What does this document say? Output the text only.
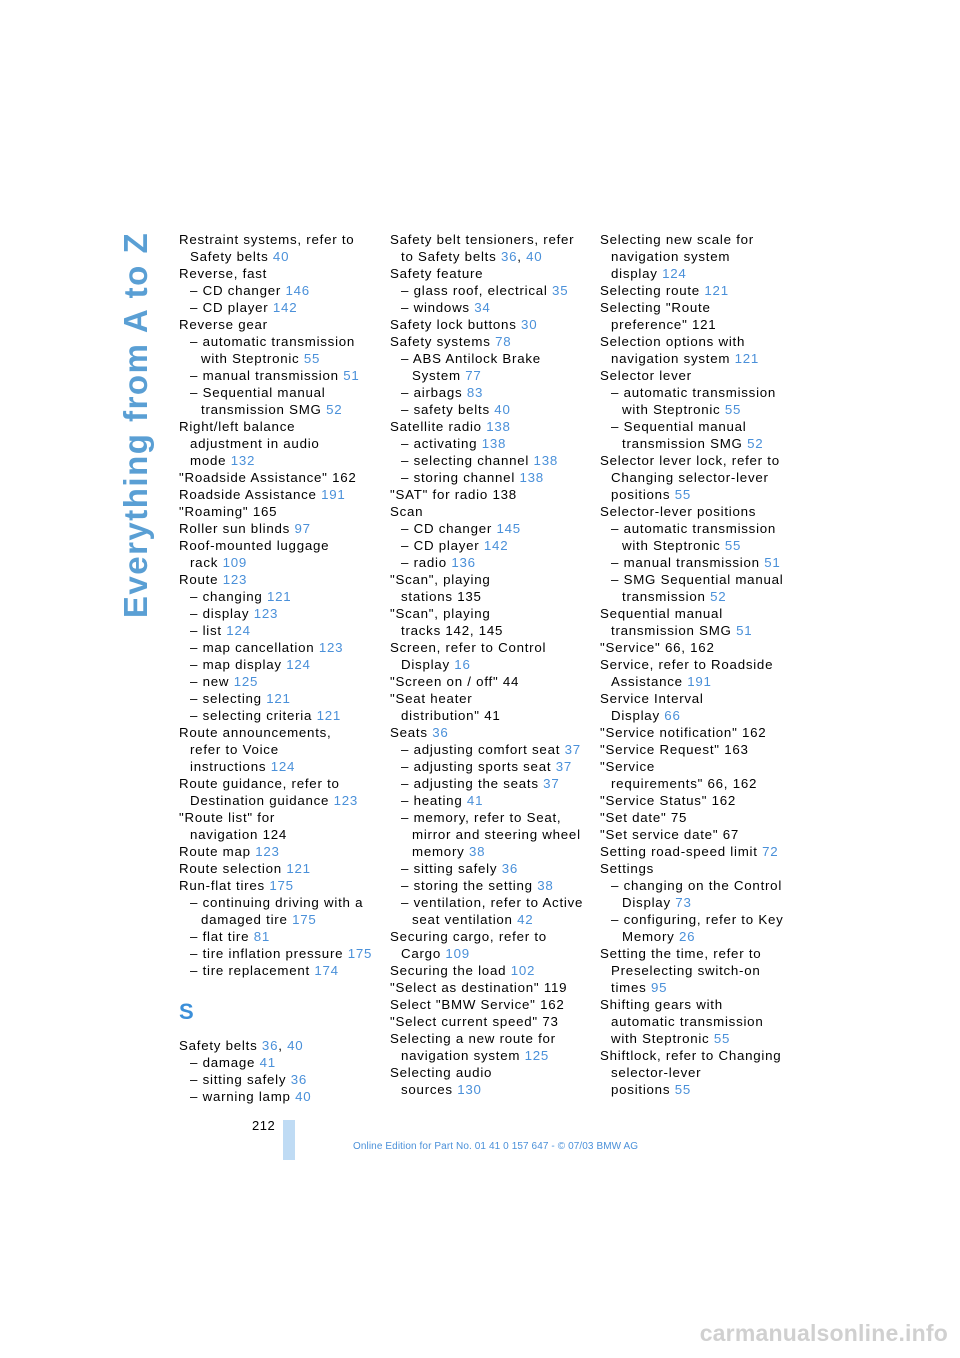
Everything from A to Z Restraint systems, refer to
Safety belts 40
Reverse, fast
– CD changer 146
– CD player 142
Reverse gear
– automatic transmission
with Steptronic 55
– manual transmission 51
– Sequential manual
transmission SMG 52
Right/left balance
adjustment in audio
mode 132
"Roadside Assistance" 162
Roadside Assistance 191
"Roaming" 165
Roller sun blinds 97
Roof-mounted luggage
rack 109
Route 123
– changing 121
– display 123
– list 124
– map cancellation 123
– map display 124
– new 125
– selecting 121
– selecting criteria 121
Route announcements,
refer to Voice
instructions 124
Route guidance, refer to
Destination guidance 123
"Route list" for
navigation 124
Route map 123
Route selection 121
Run-flat tires 175
– continuing driving with a
damaged tire 175
– flat tire 81
– tire inflation pressure 175
– tire replacement 174
S
Safety belts 36, 40
– damage 41
– sitting safely 36
– warning lamp 40
Safety belt tensioners, refer
to Safety belts 36, 40
Safety feature
– glass roof, electrical 35
– windows 34
Safety lock buttons 30
Safety systems 78
– ABS Antilock Brake
System 77
– airbags 83
– safety belts 40
Satellite radio 138
– activating 138
– selecting channel 138
– storing channel 138
"SAT" for radio 138
Scan
– CD changer 145
– CD player 142
– radio 136
"Scan", playing
stations 135
"Scan", playing
tracks 142, 145
Screen, refer to Control
Display 16
"Screen on / off" 44
"Seat heater
distribution" 41
Seats 36
– adjusting comfort seat 37
– adjusting sports seat 37
– adjusting the seats 37
– heating 41
– memory, refer to Seat,
mirror and steering wheel
memory 38
– sitting safely 36
– storing the setting 38
– ventilation, refer to Active
seat ventilation 42
Securing cargo, refer to
Cargo 109
Securing the load 102
"Select as destination" 119
Select "BMW Service" 162
"Select current speed" 73
Selecting a new route for
navigation system 125
Selecting audio
sources 130
Selecting new scale for
navigation system
display 124
Selecting route 121
Selecting "Route
preference" 121
Selection options with
navigation system 121
Selector lever
– automatic transmission
with Steptronic 55
– Sequential manual
transmission SMG 52
Selector lever lock, refer to
Changing selector-lever
positions 55
Selector-lever positions
– automatic transmission
with Steptronic 55
– manual transmission 51
– SMG Sequential manual
transmission 52
Sequential manual
transmission SMG 51
"Service" 66, 162
Service, refer to Roadside
Assistance 191
Service Interval
Display 66
"Service notification" 162
"Service Request" 163
"Service
requirements" 66, 162
"Service Status" 162
"Set date" 75
"Set service date" 67
Setting road-speed limit 72
Settings
– changing on the Control
Display 73
– configuring, refer to Key
Memory 26
Setting the time, refer to
Preselecting switch-on
times 95
Shifting gears with
automatic transmission
with Steptronic 55
Shiftlock, refer to Changing
selector-lever
positions 55
212
Online Edition for Part No. 01 41 0 157 647 - © 07/03 BMW AG
carmanualsonline.info
